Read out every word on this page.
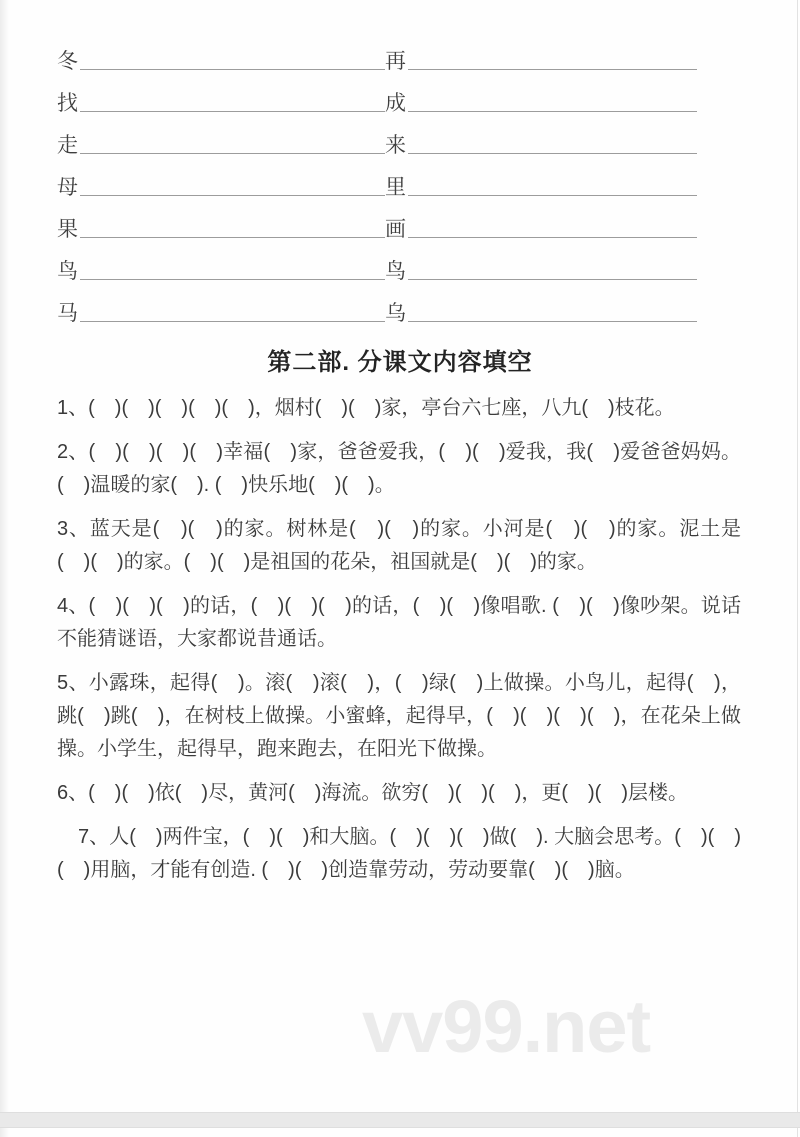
冬	再
找	成
走	来
母	里
果	画
鸟	鸟
马	乌
第二部. 分课文内容填空

1、(　)(　)(　)(　)(　)，烟村(　)(　)家，亭台六七座，八九(　)枝花。

2、(　)(　)(　)(　)幸福(　)家，爸爸爱我，(　)(　)爱我，我(　)爱爸爸妈妈。(　)温暖的家(　). (　)快乐地(　)(　)。

3、蓝天是(　)(　)的家。树林是(　)(　)的家。小河是(　)(　)的家。泥土是(　)(　)的家。(　)(　)是祖国的花朵，祖国就是(　)(　)的家。

4、(　)(　)(　)的话，(　)(　)(　)的话，(　)(　)像唱歌. (　)(　)像吵架。说话不能猜谜语，大家都说昔通话。

5、小露珠，起得(　)。滚(　)滚(　)，(　)绿(　)上做操。小鸟儿，起得(　)，跳(　)跳(　)，在树枝上做操。小蜜蜂，起得早，(　)(　)(　)(　)，在花朵上做操。小学生，起得早，跑来跑去，在阳光下做操。

6、(　)(　)依(　)尽，黄河(　)海流。欲穷(　)(　)(　)，更(　)(　)层楼。

7、人(　)两件宝，(　)(　)和大脑。(　)(　)(　)做(　). 大脑会思考。(　)(　)(　)用脑，才能有创造. (　)(　)创造靠劳动，劳动要靠(　)(　)脑。

vv99.net
